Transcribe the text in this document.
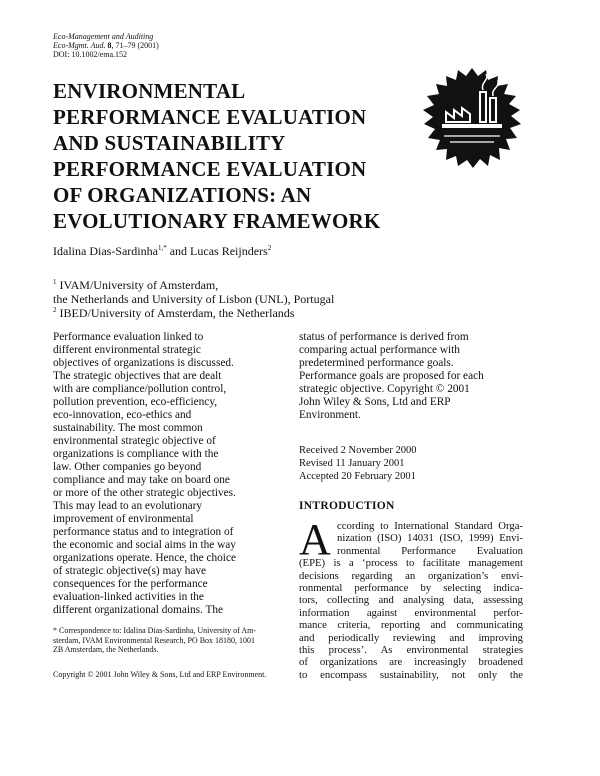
Eco-Management and Auditing
Eco-Mgmt. Aud. 8, 71–79 (2001)
DOI: 10.1002/ema.152
ENVIRONMENTAL
PERFORMANCE EVALUATION
AND SUSTAINABILITY
PERFORMANCE EVALUATION
OF ORGANIZATIONS: AN
EVOLUTIONARY FRAMEWORK
Idalina Dias-Sardinha$^{1,*}$ and Lucas Reijnders$^2$
$^1$ IVAM/University of Amsterdam,
the Netherlands and University of Lisbon (UNL), Portugal
$^2$ IBED/University of Amsterdam, the Netherlands
Performance evaluation linked to
different environmental strategic
objectives of organizations is discussed.
The strategic objectives that are dealt
with are compliance/pollution control,
pollution prevention, eco-efficiency,
eco-innovation, eco-ethics and
sustainability. The most common
environmental strategic objective of
organizations is compliance with the
law. Other companies go beyond
compliance and may take on board one
or more of the other strategic objectives.
This may lead to an evolutionary
improvement of environmental
performance status and to integration of
the economic and social aims in the way
organizations operate. Hence, the choice
of strategic objective(s) may have
consequences for the performance
evaluation-linked activities in the
different organizational domains. The
status of performance is derived from
comparing actual performance with
predetermined performance goals.
Performance goals are proposed for each
strategic objective. Copyright © 2001
John Wiley & Sons, Ltd and ERP
Environment.
Received 2 November 2000
Revised 11 January 2001
Accepted 20 February 2001
INTRODUCTION
A ccording to International Standard Orga-
nization (ISO) 14031 (ISO, 1999) Envi-
ronmental Performance Evaluation
(EPE) is a ‘process to facilitate management
decisions regarding an organization’s envi-
ronmental performance by selecting indica-
tors, collecting and analysing data, assessing
information against environmental perfor-
mance criteria, reporting and communicating
and periodically reviewing and improving
this process’. As environmental strategies
of organizations are increasingly broadened
to encompass sustainability, not only the
* Correspondence to: Idalina Dias-Sardinha, University of Am-
sterdam, IVAM Environmental Research, PO Box 18180, 1001
ZB Amsterdam, the Netherlands.
Copyright © 2001 John Wiley & Sons, Ltd and ERP Environment.
